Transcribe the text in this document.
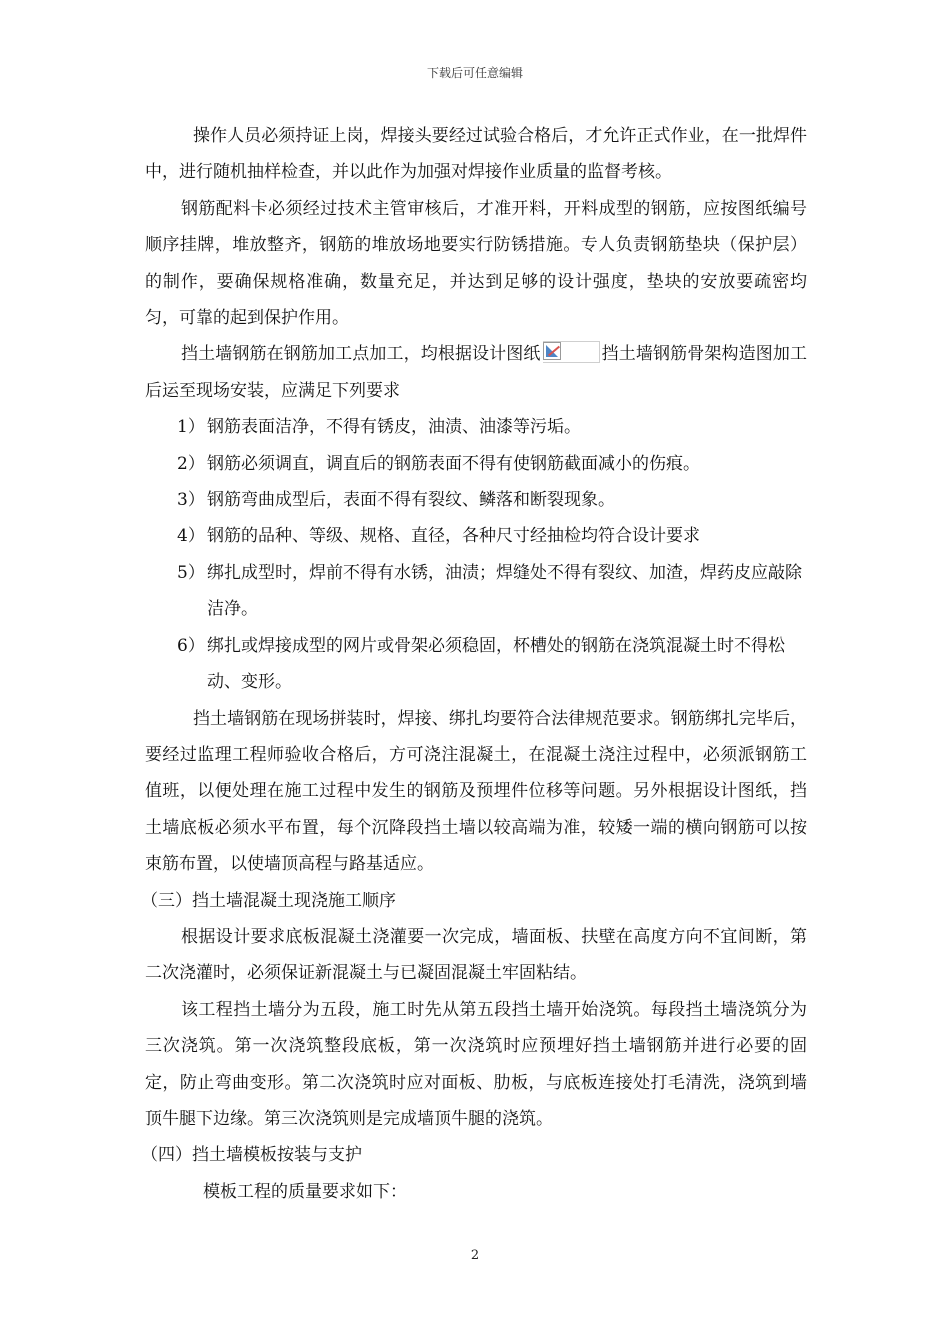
下载后可任意编辑

操作人员必须持证上岗，焊接头要经过试验合格后，才允许正式作业，在一批焊件中，进行随机抽样检查，并以此作为加强对焊接作业质量的监督考核。

钢筋配料卡必须经过技术主管审核后，才准开料，开料成型的钢筋，应按图纸编号顺序挂牌，堆放整齐，钢筋的堆放场地要实行防锈措施。专人负责钢筋垫块（保护层）的制作，要确保规格准确，数量充足，并达到足够的设计强度，垫块的安放要疏密均匀，可靠的起到保护作用。

挡土墙钢筋在钢筋加工点加工，均根据设计图纸	挡土墙钢筋骨架构造图加工后运至现场安装，应满足下列要求

1） 钢筋表面洁净，不得有锈皮，油渍、油漆等污垢。

2） 钢筋必须调直，调直后的钢筋表面不得有使钢筋截面减小的伤痕。

3） 钢筋弯曲成型后，表面不得有裂纹、鳞落和断裂现象。

4） 钢筋的品种、等级、规格、直径，各种尺寸经抽检均符合设计要求

5） 绑扎成型时，焊前不得有水锈，油渍；焊缝处不得有裂纹、加渣，焊药皮应敲除洁净。

6） 绑扎或焊接成型的网片或骨架必须稳固，杯槽处的钢筋在浇筑混凝土时不得松动、变形。

挡土墙钢筋在现场拼装时，焊接、绑扎均要符合法律规范要求。钢筋绑扎完毕后，要经过监理工程师验收合格后，方可浇注混凝土，在混凝土浇注过程中，必须派钢筋工值班，以便处理在施工过程中发生的钢筋及预埋件位移等问题。另外根据设计图纸，挡土墙底板必须水平布置，每个沉降段挡土墙以较高端为准，较矮一端的横向钢筋可以按束筋布置，以使墙顶高程与路基适应。

（三）挡土墙混凝土现浇施工顺序

根据设计要求底板混凝土浇灌要一次完成，墙面板、扶壁在高度方向不宜间断，第二次浇灌时，必须保证新混凝土与已凝固混凝土牢固粘结。

该工程挡土墙分为五段，施工时先从第五段挡土墙开始浇筑。每段挡土墙浇筑分为三次浇筑。第一次浇筑整段底板，第一次浇筑时应预埋好挡土墙钢筋并进行必要的固定，防止弯曲变形。第二次浇筑时应对面板、肋板，与底板连接处打毛清洗，浇筑到墙顶牛腿下边缘。第三次浇筑则是完成墙顶牛腿的浇筑。

（四）挡土墙模板按装与支护

模板工程的质量要求如下：

2
